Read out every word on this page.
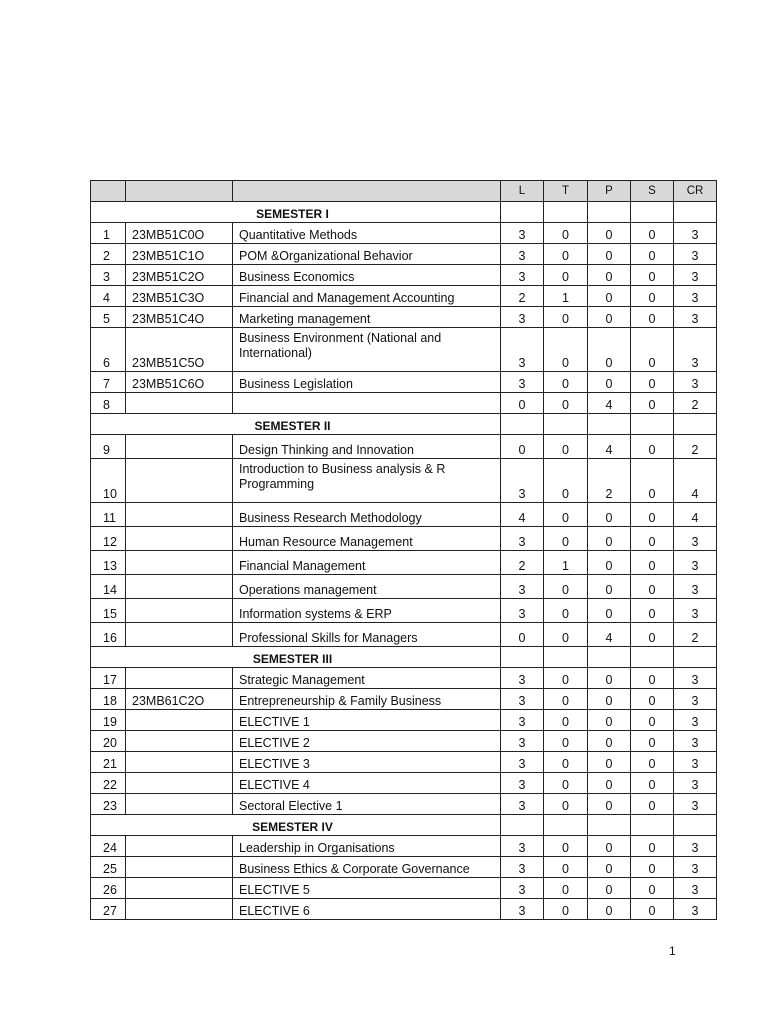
			L	T	P	S	CR
SEMESTER I							
1	23MB51C0O	Quantitative Methods	3	0	0	0	3
2	23MB51C1O	POM &Organizational Behavior	3	0	0	0	3
3	23MB51C2O	Business Economics	3	0	0	0	3
4	23MB51C3O	Financial and Management Accounting	2	1	0	0	3
5	23MB51C4O	Marketing management	3	0	0	0	3
6	23MB51C5O	Business Environment (National and International)	3	0	0	0	3
7	23MB51C6O	Business Legislation	3	0	0	0	3
8			0	0	4	0	2
SEMESTER II							
9		Design Thinking and Innovation	0	0	4	0	2
10		Introduction to Business analysis & R Programming	3	0	2	0	4
11		Business Research Methodology	4	0	0	0	4
12		Human Resource Management	3	0	0	0	3
13		Financial Management	2	1	0	0	3
14		Operations management	3	0	0	0	3
15		Information systems & ERP	3	0	0	0	3
16		Professional Skills for Managers	0	0	4	0	2
SEMESTER III							
17		Strategic Management	3	0	0	0	3
18	23MB61C2O	Entrepreneurship & Family Business	3	0	0	0	3
19		ELECTIVE 1	3	0	0	0	3
20		ELECTIVE 2	3	0	0	0	3
21		ELECTIVE 3	3	0	0	0	3
22		ELECTIVE 4	3	0	0	0	3
23		Sectoral Elective 1	3	0	0	0	3
SEMESTER IV							
24		Leadership in Organisations	3	0	0	0	3
25		Business Ethics & Corporate Governance	3	0	0	0	3
26		ELECTIVE 5	3	0	0	0	3
27		ELECTIVE 6	3	0	0	0	3
1
